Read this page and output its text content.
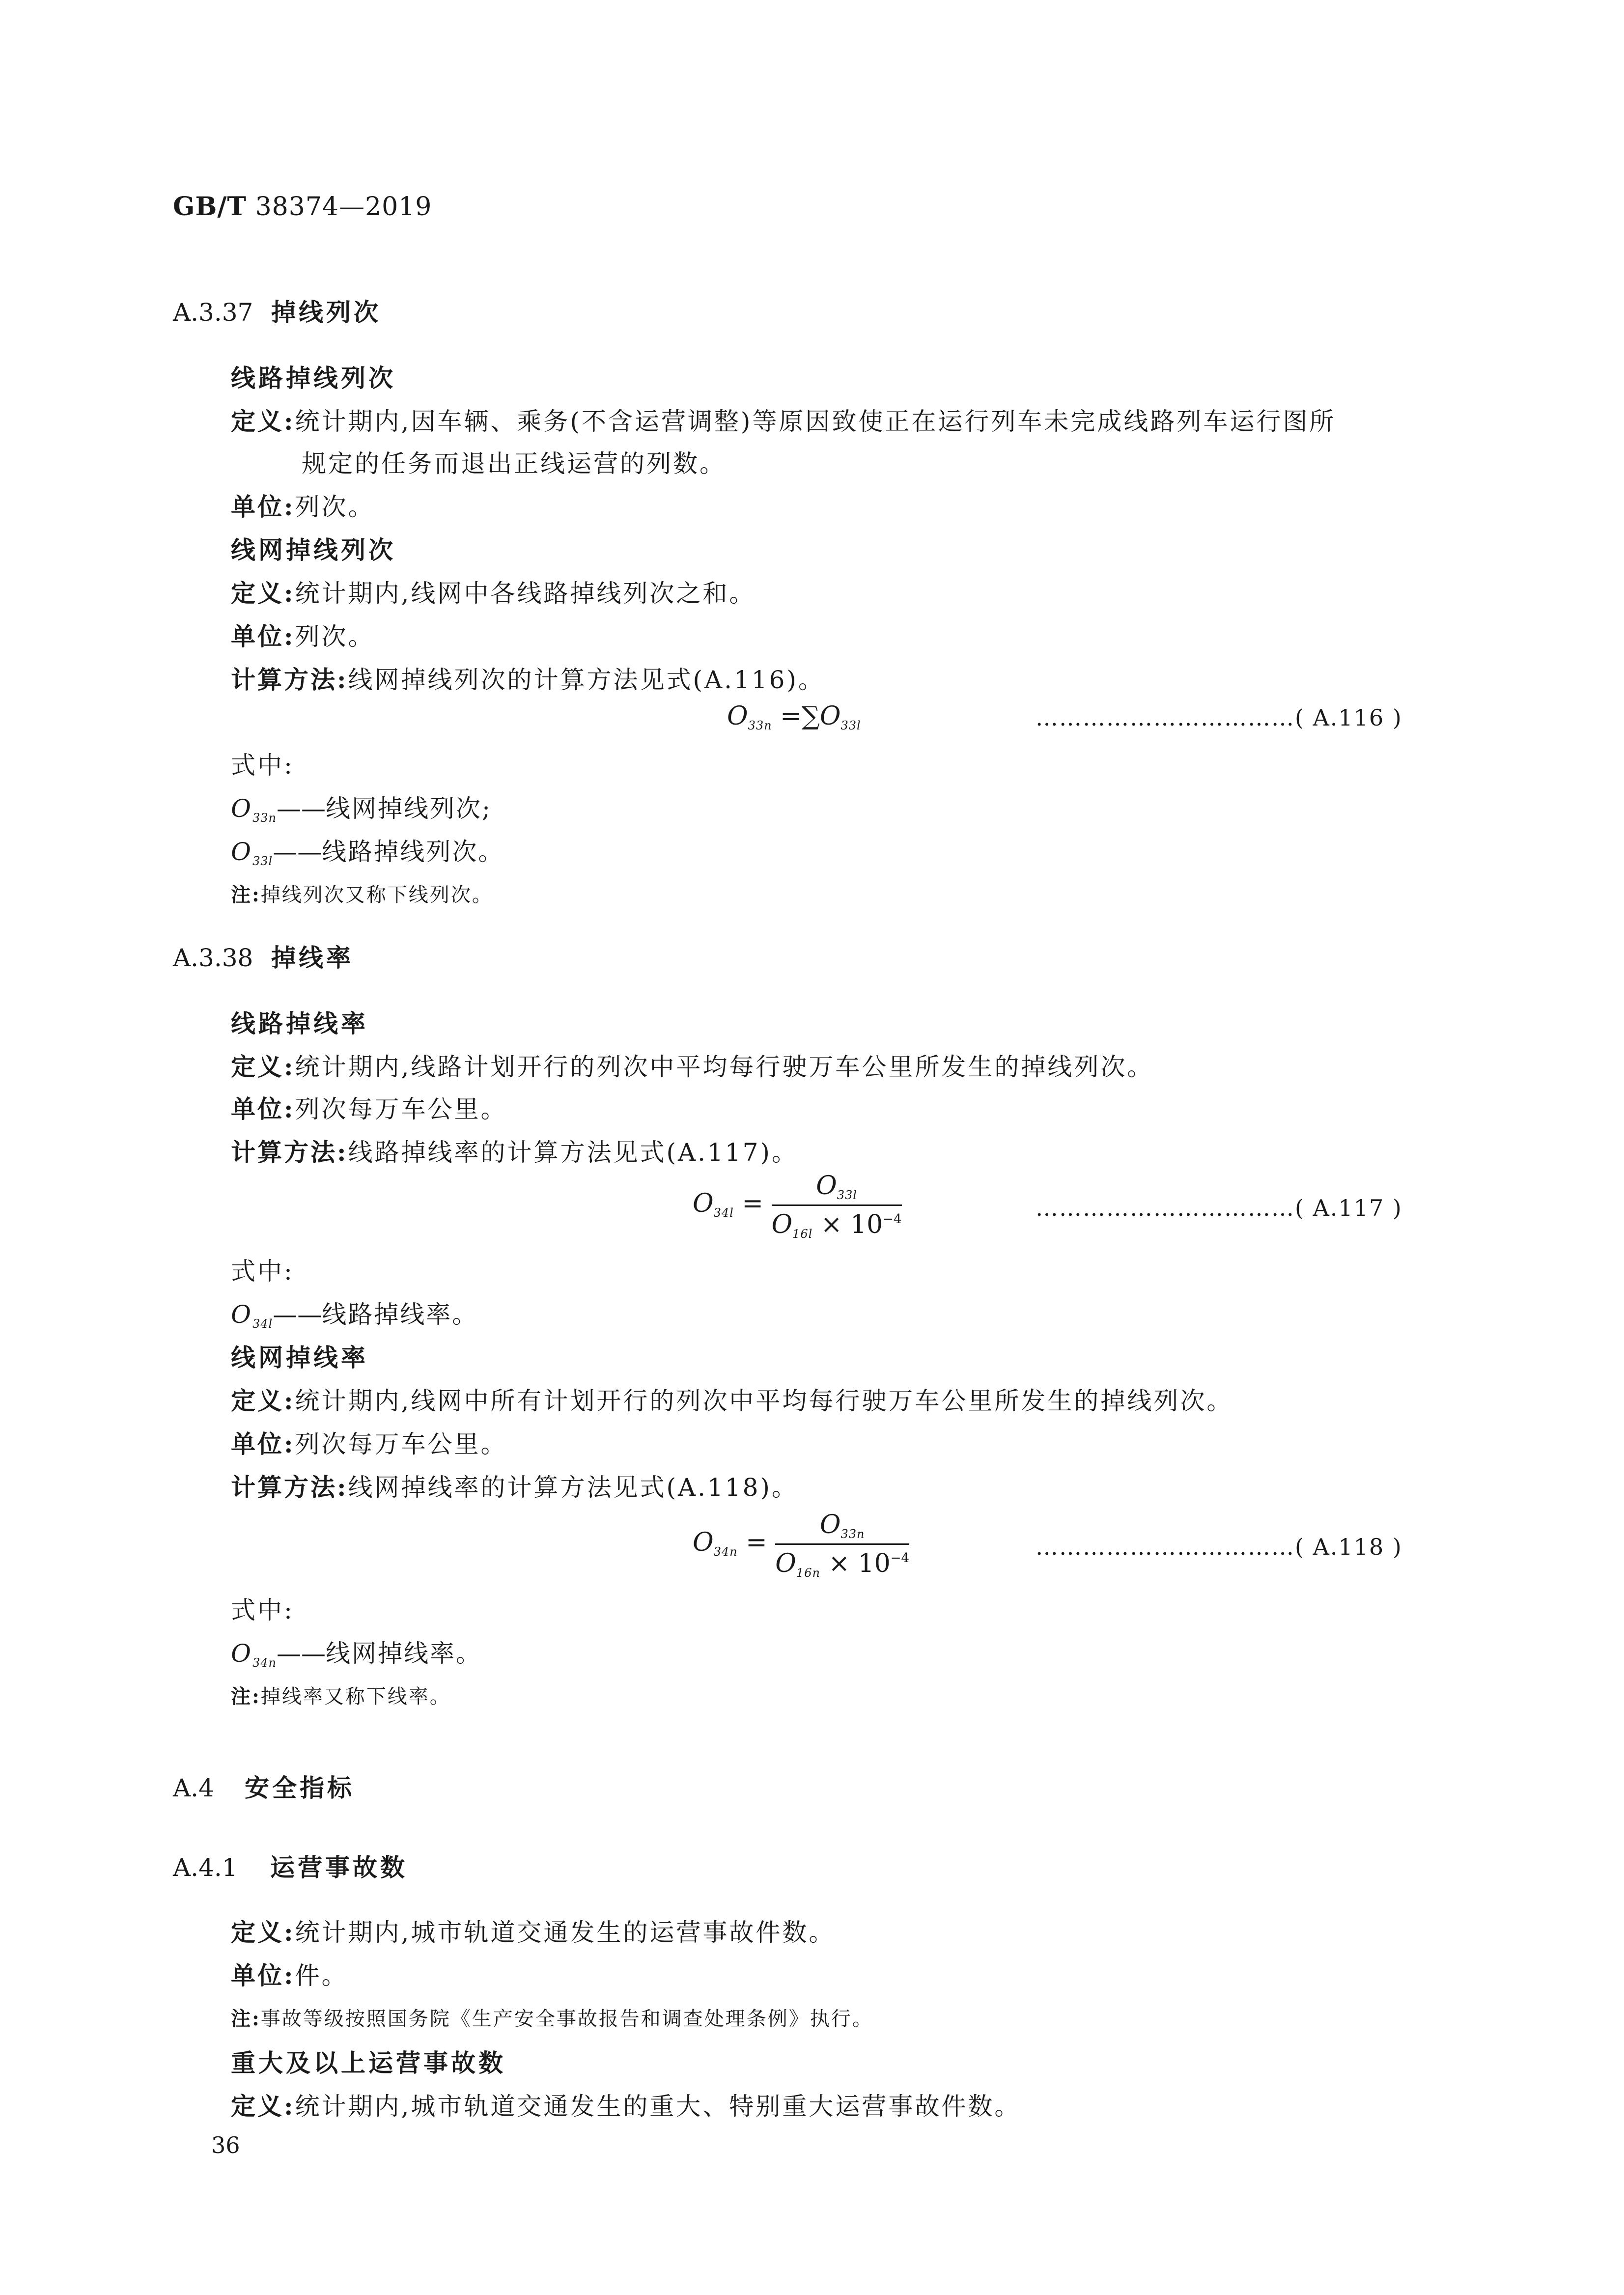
GB/T 38374—2019
A.3.37 掉线列次
线路掉线列次
定义:统计期内,因车辆、乘务(不含运营调整)等原因致使正在运行列车未完成线路列车运行图所
规定的任务而退出正线运营的列数。
单位:列次。
线网掉线列次
定义:统计期内,线网中各线路掉线列次之和。
单位:列次。
计算方法:线网掉线列次的计算方法见式(A.116)。
O33n =∑O33l	……………………………( A.116 )
式中:
$O_{33n}——$线网掉线列次;
$O_{33l}——$线路掉线列次。
注:掉线列次又称下线列次。
A.3.38 掉线率
线路掉线率
定义:统计期内,线路计划开行的列次中平均每行驶万车公里所发生的掉线列次。
单位:列次每万车公里。
计算方法:线路掉线率的计算方法见式(A.117)。
$O34l = \frac{O33l}{O16l \times 10^{-4}}$	……………………………( A.117 )
式中:
$O_{34l}——$线路掉线率。
线网掉线率
定义:统计期内,线网中所有计划开行的列次中平均每行驶万车公里所发生的掉线列次。
单位:列次每万车公里。
计算方法:线网掉线率的计算方法见式(A.118)。
$O34n = \frac{O33n}{O16n \times 10^{-4}}$	……………………………( A.118 )
式中:
$O_{34n}——$线网掉线率。
注:掉线率又称下线率。
A.4 安全指标
A.4.1 运营事故数
定义:统计期内,城市轨道交通发生的运营事故件数。
单位:件。
注:事故等级按照国务院《生产安全事故报告和调查处理条例》执行。
重大及以上运营事故数
定义:统计期内,城市轨道交通发生的重大、特别重大运营事故件数。
36
